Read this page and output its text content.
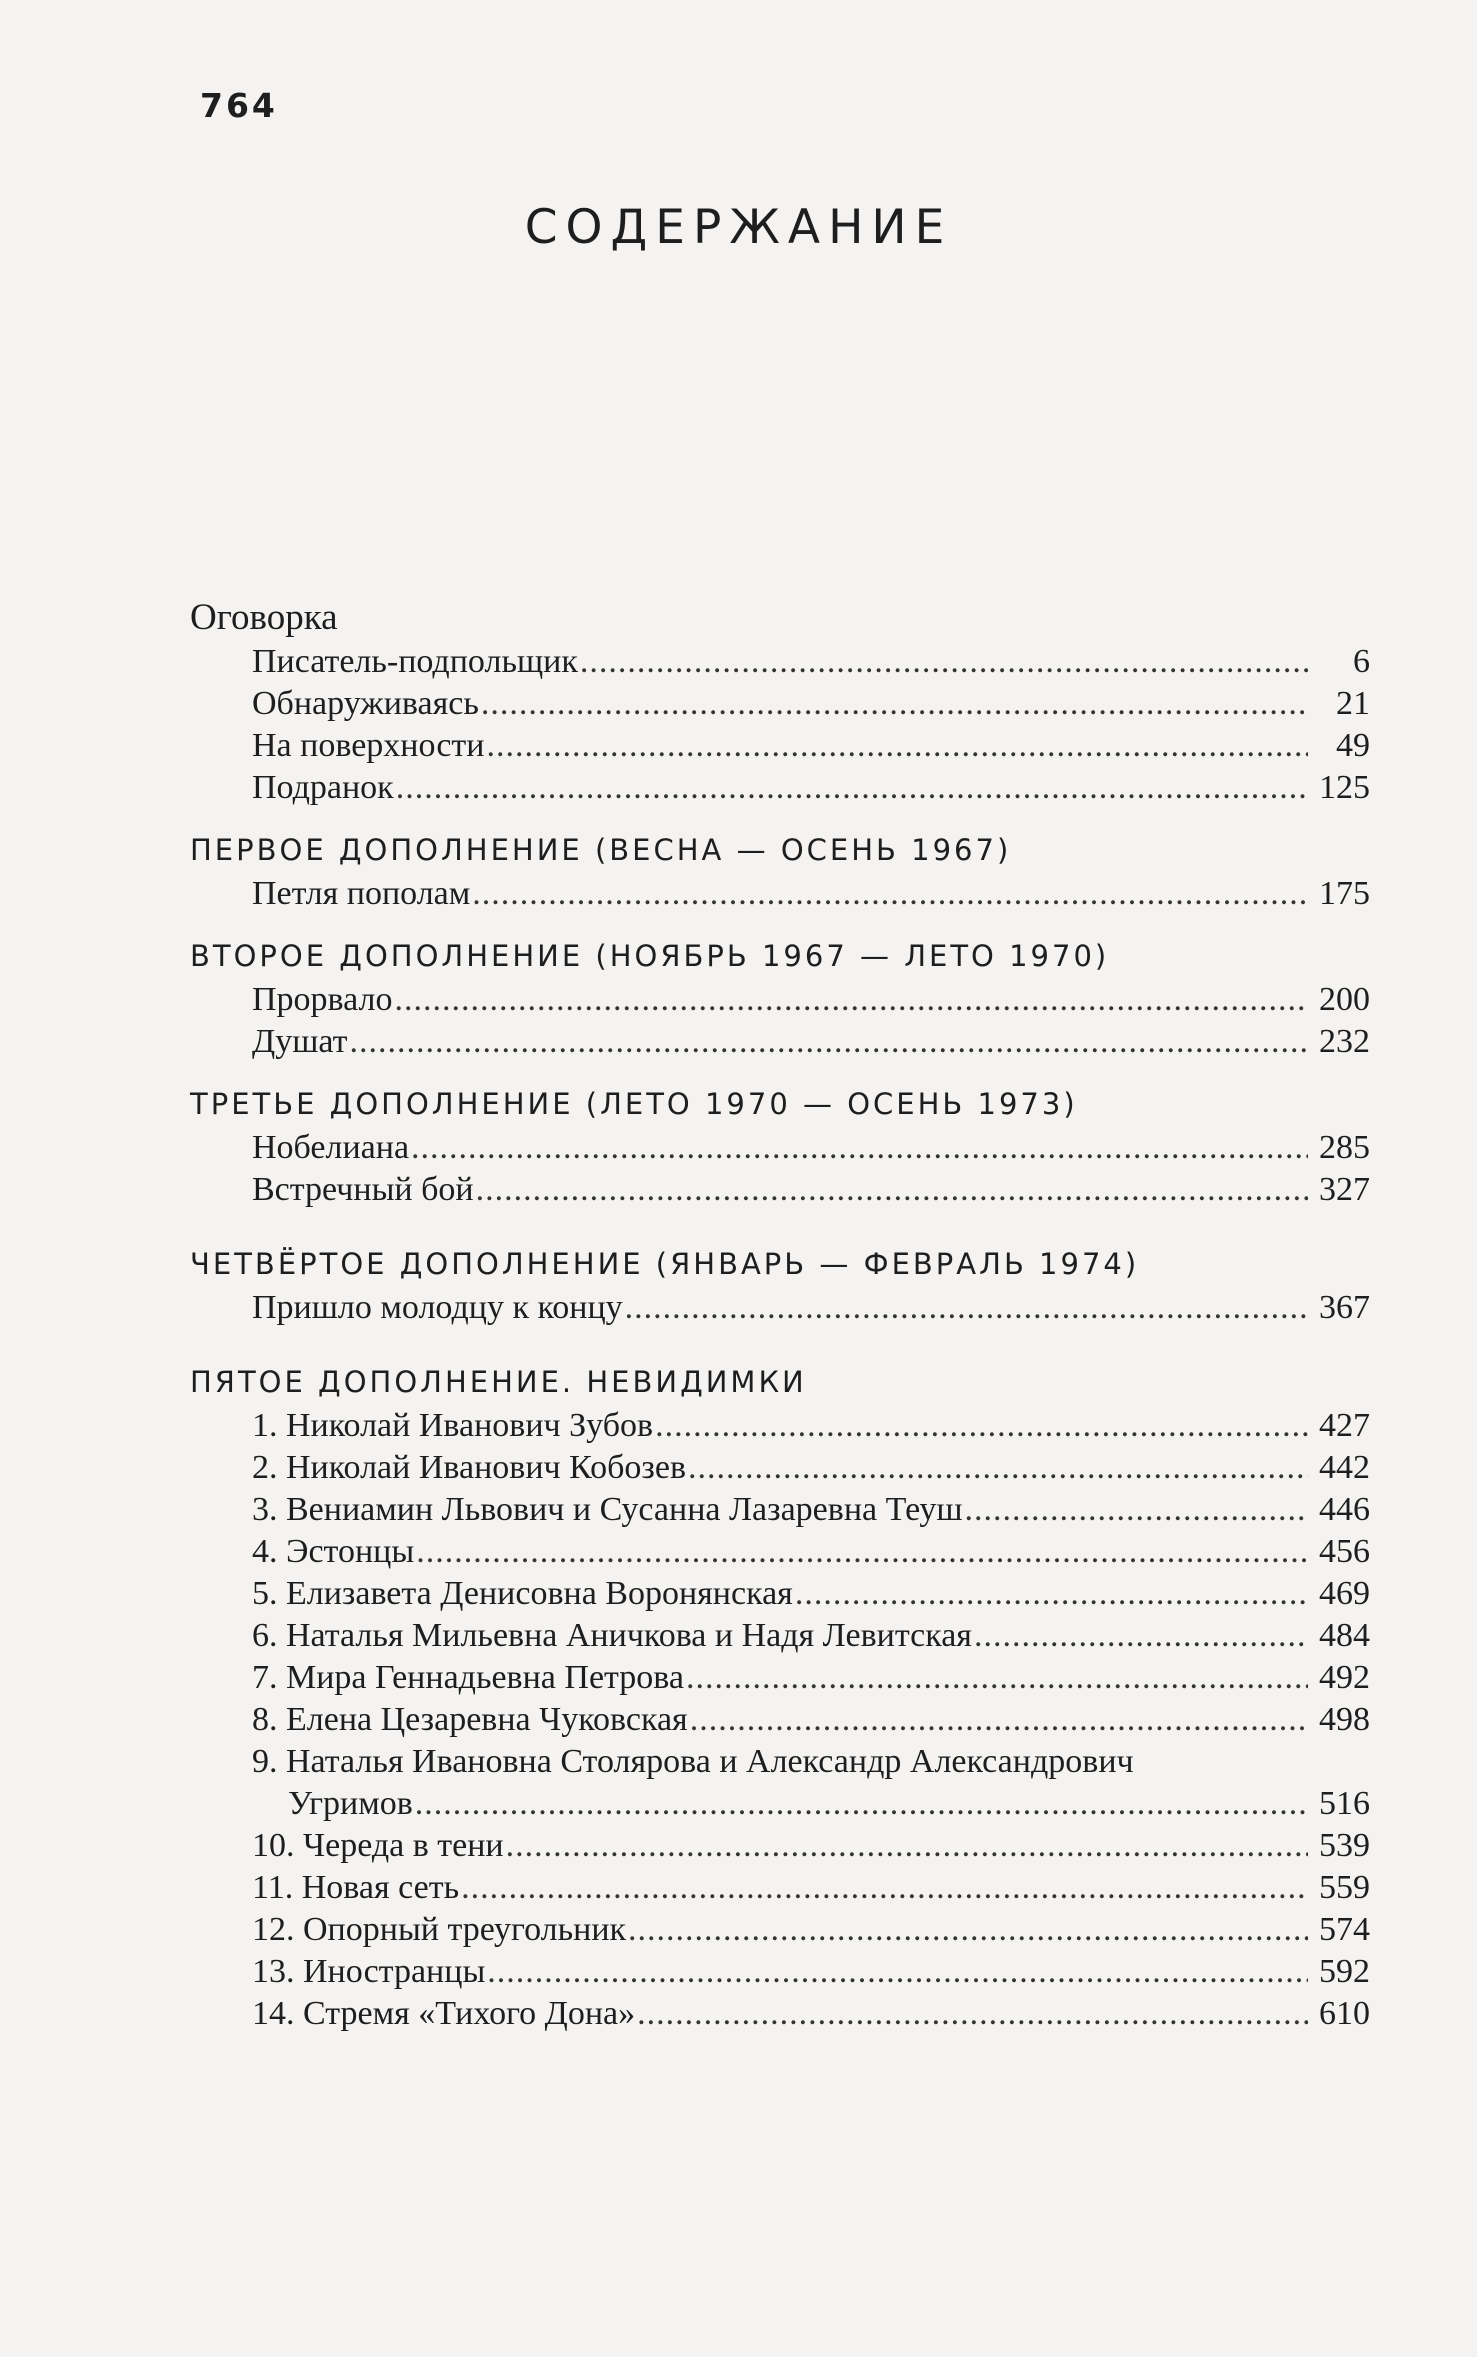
764
СОДЕРЖАНИЕ
Оговорка
Писатель-подпольщик .....	6
Обнаруживаясь .....	21
На поверхности .....	49
Подранок .....	125
ПЕРВОЕ ДОПОЛНЕНИЕ (ВЕСНА — ОСЕНЬ 1967)
Петля пополам .....	175
ВТОРОЕ ДОПОЛНЕНИЕ (НОЯБРЬ 1967 — ЛЕТО 1970)
Прорвало .....	200
Душат .....	232
ТРЕТЬЕ ДОПОЛНЕНИЕ (ЛЕТО 1970 — ОСЕНЬ 1973)
Нобелиана .....	285
Встречный бой .....	327
ЧЕТВЁРТОЕ ДОПОЛНЕНИЕ (ЯНВАРЬ — ФЕВРАЛЬ 1974)
Пришло молодцу к концу .....	367
ПЯТОЕ ДОПОЛНЕНИЕ. НЕВИДИМКИ
1. Николай Иванович Зубов .....	427
2. Николай Иванович Кобозев .....	442
3. Вениамин Львович и Сусанна Лазаревна Теуш .....	446
4. Эстонцы .....	456
5. Елизавета Денисовна Воронянская .....	469
6. Наталья Мильевна Аничкова и Надя Левитская .....	484
7. Мира Геннадьевна Петрова .....	492
8. Елена Цезаревна Чуковская .....	498
9. Наталья Ивановна Столярова и Александр Александрович
Угримов .....	516
10. Череда в тени .....	539
11. Новая сеть .....	559
12. Опорный треугольник .....	574
13. Иностранцы .....	592
14. Стремя «Тихого Дона» .....	610
